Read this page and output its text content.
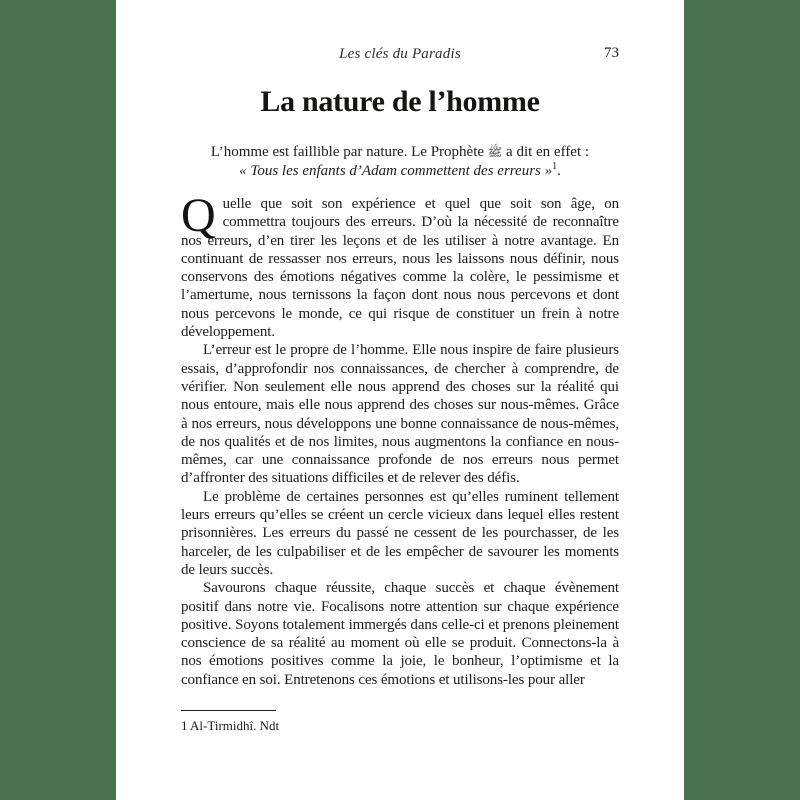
Les clés du Paradis	73
La nature de l’homme

L’homme est faillible par nature. Le Prophète ﷺ a dit en effet :

« Tous les enfants d’Adam commettent des erreurs »$^1$.

Quelle que soit son expérience et quel que soit son âge, on commettra toujours des erreurs. D’où la nécessité de reconnaître nos erreurs, d’en tirer les leçons et de les utiliser à notre avantage. En continuant de ressasser nos erreurs, nous les laissons nous définir, nous conservons des émotions négatives comme la colère, le pessimisme et l’amertume, nous ternissons la façon dont nous nous percevons et dont nous percevons le monde, ce qui risque de constituer un frein à notre développement.

L’erreur est le propre de l’homme. Elle nous inspire de faire plusieurs essais, d’approfondir nos connaissances, de chercher à comprendre, de vérifier. Non seulement elle nous apprend des choses sur la réalité qui nous entoure, mais elle nous apprend des choses sur nous-mêmes. Grâce à nos erreurs, nous développons une bonne connaissance de nous-mêmes, de nos qualités et de nos limites, nous augmentons la confiance en nous-mêmes, car une connaissance profonde de nos erreurs nous permet d’affronter des situations difficiles et de relever des défis.

Le problème de certaines personnes est qu’elles ruminent tellement leurs erreurs qu’elles se créent un cercle vicieux dans lequel elles restent prisonnières. Les erreurs du passé ne cessent de les pourchasser, de les harceler, de les culpabiliser et de les empêcher de savourer les moments de leurs succès.

Savourons chaque réussite, chaque succès et chaque évènement positif dans notre vie. Focalisons notre attention sur chaque expérience positive. Soyons totalement immergés dans celle-ci et prenons pleinement conscience de sa réalité au moment où elle se produit. Connectons-la à nos émotions positives comme la joie, le bonheur, l’optimisme et la confiance en soi. Entretenons ces émotions et utilisons-les pour aller

1 Al-Tirmidhî. Ndt
